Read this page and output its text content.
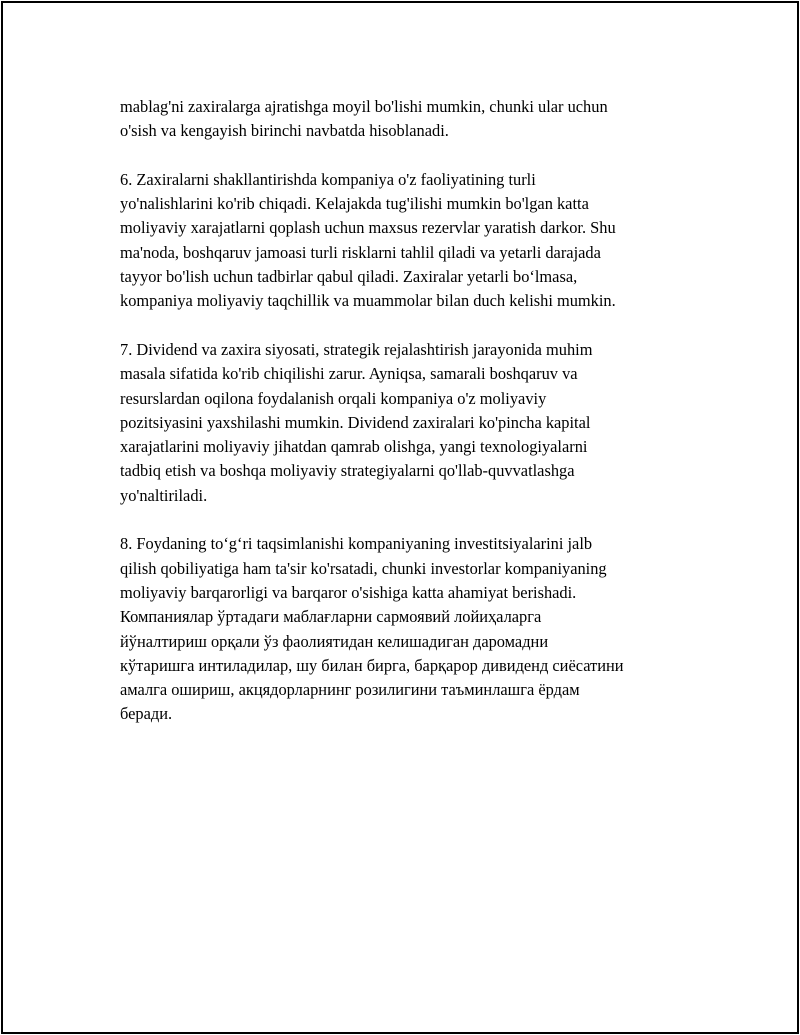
mablag'ni zaxiralarga ajratishga moyil bo'lishi mumkin, chunki ular uchun
o'sish va kengayish birinchi navbatda hisoblanadi.

6. Zaxiralarni shakllantirishda kompaniya o'z faoliyatining turli
yo'nalishlarini ko'rib chiqadi. Kelajakda tug'ilishi mumkin bo'lgan katta
moliyaviy xarajatlarni qoplash uchun maxsus rezervlar yaratish darkor. Shu
ma'noda, boshqaruv jamoasi turli risklarni tahlil qiladi va yetarli darajada
tayyor bo'lish uchun tadbirlar qabul qiladi. Zaxiralar yetarli bo‘lmasa,
kompaniya moliyaviy taqchillik va muammolar bilan duch kelishi mumkin.

7. Dividend va zaxira siyosati, strategik rejalashtirish jarayonida muhim
masala sifatida ko'rib chiqilishi zarur. Ayniqsa, samarali boshqaruv va
resurslardan oqilona foydalanish orqali kompaniya o'z moliyaviy
pozitsiyasini yaxshilashi mumkin. Dividend zaxiralari ko'pincha kapital
xarajatlarini moliyaviy jihatdan qamrab olishga, yangi texnologiyalarni
tadbiq etish va boshqa moliyaviy strategiyalarni qo'llab-quvvatlashga
yo'naltiriladi.

8. Foydaning to‘g‘ri taqsimlanishi kompaniyaning investitsiyalarini jalb
qilish qobiliyatiga ham ta'sir ko'rsatadi, chunki investorlar kompaniyaning
moliyaviy barqarorligi va barqaror o'sishiga katta ahamiyat berishadi.
Компаниялар ўртадаги маблағларни сармоявий лойиҳаларга
йўналтириш орқали ўз фаолиятидан келишадиган даромадни
кўтаришга интиладилар, шу билан бирга, барқарор дивиденд сиёсатини
амалга ошириш, акцядорларнинг розилигини таъминлашга ёрдам
беради.
